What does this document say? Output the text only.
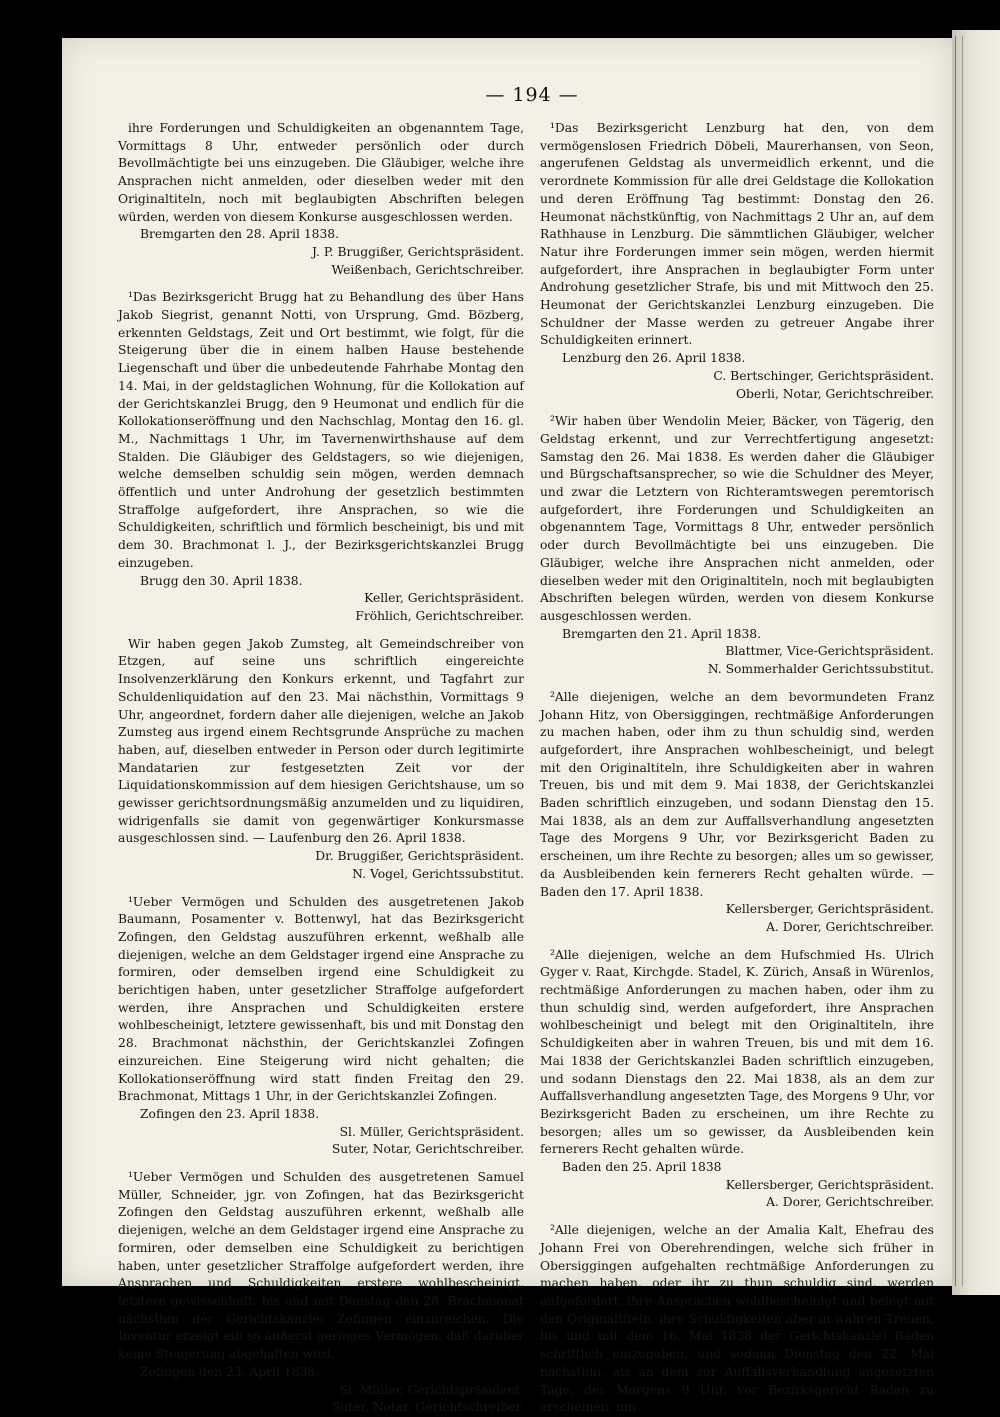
— 194 —

ihre Forderungen und Schuldigkeiten an obgenanntem Tage, Vormittags 8 Uhr, entweder persönlich oder durch Bevollmächtigte bei uns einzugeben. Die Gläubiger, welche ihre Ansprachen nicht anmelden, oder dieselben weder mit den Originaltiteln, noch mit beglaubigten Abschriften belegen würden, werden von diesem Konkurse ausgeschlossen werden.

Bremgarten den 28. April 1838.

J. P. Bruggißer, Gerichtspräsident.

Weißenbach, Gerichtschreiber.

¹Das Bezirksgericht Brugg hat zu Behandlung des über Hans Jakob Siegrist, genannt Notti, von Ursprung, Gmd. Bözberg, erkennten Geldstags, Zeit und Ort bestimmt, wie folgt, für die Steigerung über die in einem halben Hause bestehende Liegenschaft und über die unbedeutende Fahrhabe Montag den 14. Mai, in der geldstaglichen Wohnung, für die Kollokation auf der Gerichtskanzlei Brugg, den 9 Heumonat und endlich für die Kollokationseröffnung und den Nachschlag, Montag den 16. gl. M., Nachmittags 1 Uhr, im Tavernenwirthshause auf dem Stalden. Die Gläubiger des Geldstagers, so wie diejenigen, welche demselben schuldig sein mögen, werden demnach öffentlich und unter Androhung der gesetzlich bestimmten Straffolge aufgefordert, ihre Ansprachen, so wie die Schuldigkeiten, schriftlich und förmlich bescheinigt, bis und mit dem 30. Brachmonat l. J., der Bezirksgerichtskanzlei Brugg einzugeben.

Brugg den 30. April 1838.

Keller, Gerichtspräsident.

Fröhlich, Gerichtschreiber.

Wir haben gegen Jakob Zumsteg, alt Gemeindschreiber von Etzgen, auf seine uns schriftlich eingereichte Insolvenzerklärung den Konkurs erkennt, und Tagfahrt zur Schuldenliquidation auf den 23. Mai nächsthin, Vormittags 9 Uhr, angeordnet, fordern daher alle diejenigen, welche an Jakob Zumsteg aus irgend einem Rechtsgrunde Ansprüche zu machen haben, auf, dieselben entweder in Person oder durch legitimirte Mandatarien zur festgesetzten Zeit vor der Liquidationskommission auf dem hiesigen Gerichtshause, um so gewisser gerichtsordnungsmäßig anzumelden und zu liquidiren, widrigenfalls sie damit von gegenwärtiger Konkursmasse ausgeschlossen sind. — Laufenburg den 26. April 1838.

Dr. Bruggißer, Gerichtspräsident.

N. Vogel, Gerichtssubstitut.

¹Ueber Vermögen und Schulden des ausgetretenen Jakob Baumann, Posamenter v. Bottenwyl, hat das Bezirksgericht Zofingen, den Geldstag auszuführen erkennt, weßhalb alle diejenigen, welche an dem Geldstager irgend eine Ansprache zu formiren, oder demselben irgend eine Schuldigkeit zu berichtigen haben, unter gesetzlicher Straffolge aufgefordert werden, ihre Ansprachen und Schuldigkeiten erstere wohlbescheinigt, letztere gewissenhaft, bis und mit Donstag den 28. Brachmonat nächsthin, der Gerichtskanzlei Zofingen einzureichen. Eine Steigerung wird nicht gehalten; die Kollokationseröffnung wird statt finden Freitag den 29. Brachmonat, Mittags 1 Uhr, in der Gerichtskanzlei Zofingen.

Zofingen den 23. April 1838.

Sl. Müller, Gerichtspräsident.

Suter, Notar, Gerichtschreiber.

¹Ueber Vermögen und Schulden des ausgetretenen Samuel Müller, Schneider, jgr. von Zofingen, hat das Bezirksgericht Zofingen den Geldstag auszuführen erkennt, weßhalb alle diejenigen, welche an dem Geldstager irgend eine Ansprache zu formiren, oder demselben eine Schuldigkeit zu berichtigen haben, unter gesetzlicher Straffolge aufgefordert werden, ihre Ansprachen und Schuldigkeiten erstere wohlbescheinigt, letztere gewissenhaft, bis und mit Donstag den 28. Brachmonat nächsthin der Gerichtskanzlei Zofingen einzureichen. Die Inventur erzeigt ein so äußerst geringes Vermögen, daß darüber keine Steigerung abgehalten wird.

Zofingen den 23. April 1838.

Sl. Müller, Gerichtspräsident.

Suter, Notar, Gerichtschreiber.

¹Das Bezirksgericht Lenzburg hat den, von dem vermögenslosen Friedrich Döbeli, Maurerhansen, von Seon, angerufenen Geldstag als unvermeidlich erkennt, und die verordnete Kommission für alle drei Geldstage die Kollokation und deren Eröffnung Tag bestimmt: Donstag den 26. Heumonat nächstkünftig, von Nachmittags 2 Uhr an, auf dem Rathhause in Lenzburg. Die sämmtlichen Gläubiger, welcher Natur ihre Forderungen immer sein mögen, werden hiermit aufgefordert, ihre Ansprachen in beglaubigter Form unter Androhung gesetzlicher Strafe, bis und mit Mittwoch den 25. Heumonat der Gerichtskanzlei Lenzburg einzugeben. Die Schuldner der Masse werden zu getreuer Angabe ihrer Schuldigkeiten erinnert.

Lenzburg den 26. April 1838.

C. Bertschinger, Gerichtspräsident.

Oberli, Notar, Gerichtschreiber.

²Wir haben über Wendolin Meier, Bäcker, von Tägerig, den Geldstag erkennt, und zur Verrechtfertigung angesetzt: Samstag den 26. Mai 1838. Es werden daher die Gläubiger und Bürgschaftsansprecher, so wie die Schuldner des Meyer, und zwar die Letztern von Richteramtswegen peremtorisch aufgefordert, ihre Forderungen und Schuldigkeiten an obgenanntem Tage, Vormittags 8 Uhr, entweder persönlich oder durch Bevollmächtigte bei uns einzugeben. Die Gläubiger, welche ihre Ansprachen nicht anmelden, oder dieselben weder mit den Originaltiteln, noch mit beglaubigten Abschriften belegen würden, werden von diesem Konkurse ausgeschlossen werden.

Bremgarten den 21. April 1838.

Blattmer, Vice-Gerichtspräsident.

N. Sommerhalder Gerichtssubstitut.

²Alle diejenigen, welche an dem bevormundeten Franz Johann Hitz, von Obersiggingen, rechtmäßige Anforderungen zu machen haben, oder ihm zu thun schuldig sind, werden aufgefordert, ihre Ansprachen wohlbescheinigt, und belegt mit den Originaltiteln, ihre Schuldigkeiten aber in wahren Treuen, bis und mit dem 9. Mai 1838, der Gerichtskanzlei Baden schriftlich einzugeben, und sodann Dienstag den 15. Mai 1838, als an dem zur Auffallsverhandlung angesetzten Tage des Morgens 9 Uhr, vor Bezirksgericht Baden zu erscheinen, um ihre Rechte zu besorgen; alles um so gewisser, da Ausbleibenden kein fernerers Recht gehalten würde. — Baden den 17. April 1838.

Kellersberger, Gerichtspräsident.

A. Dorer, Gerichtschreiber.

²Alle diejenigen, welche an dem Hufschmied Hs. Ulrich Gyger v. Raat, Kirchgde. Stadel, K. Zürich, Ansaß in Würenlos, rechtmäßige Anforderungen zu machen haben, oder ihm zu thun schuldig sind, werden aufgefordert, ihre Ansprachen wohlbescheinigt und belegt mit den Originaltiteln, ihre Schuldigkeiten aber in wahren Treuen, bis und mit dem 16. Mai 1838 der Gerichtskanzlei Baden schriftlich einzugeben, und sodann Dienstags den 22. Mai 1838, als an dem zur Auffallsverhandlung angesetzten Tage, des Morgens 9 Uhr, vor Bezirksgericht Baden zu erscheinen, um ihre Rechte zu besorgen; alles um so gewisser, da Ausbleibenden kein fernerers Recht gehalten würde.

Baden den 25. April 1838

Kellersberger, Gerichtspräsident.

A. Dorer, Gerichtschreiber.

²Alle diejenigen, welche an der Amalia Kalt, Ehefrau des Johann Frei von Oberehrendingen, welche sich früher in Obersiggingen aufgehalten rechtmäßige Anforderungen zu machen haben, oder ihr zu thun schuldig sind, werden aufgefordert, ihre Ansprachen wohlbescheinigt und belegt mit den Originaltiteln, ihre Schuldigkeiten aber in wahren Treuen, bis und mit dem 16. Mai 1838 der Gerichtskanzlei Baden schriftlich einzugeben, und sodann Dienstag den 22. Mai nächsthin, als an dem zur Auffallsverhandlung angesetzten Tage, des Morgens 9 Uhr, vor Bezirksgericht Baden zu erscheinen, um
